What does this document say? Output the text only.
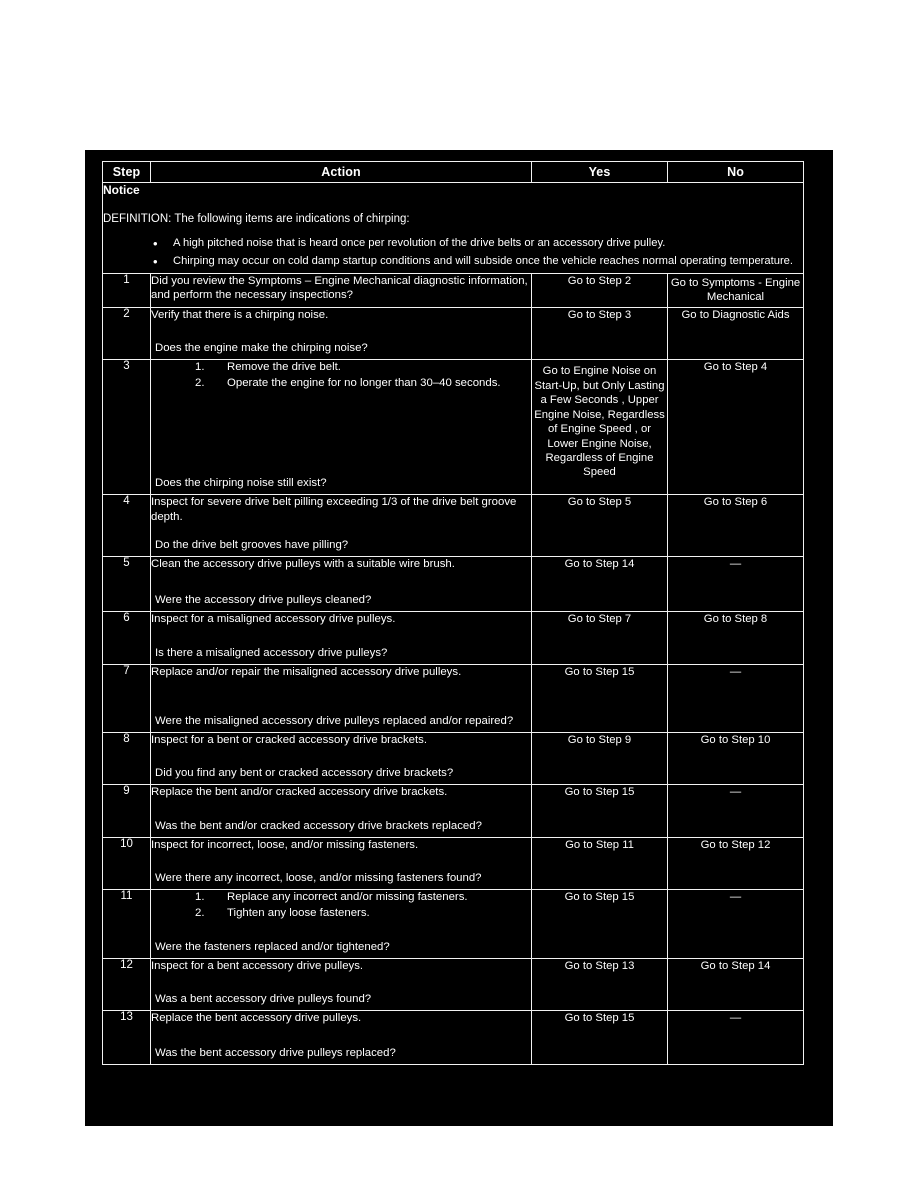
Step	Action	Yes	No

Notice
DEFINITION: The following items are indications of chirping:
• A high pitched noise that is heard once per revolution of the drive belts or an accessory drive pulley.
• Chirping may occur on cold damp startup conditions and will subside once the vehicle reaches normal operating temperature.

1	Did you review the Symptoms – Engine Mechanical diagnostic information, and perform the necessary inspections?	Go to Step 2	Go to Symptoms - Engine Mechanical
2	Verify that there is a chirping noise.

Does the engine make the chirping noise?	Go to Step 3	Go to Diagnostic Aids
3	Remove the drive belt.
Operate the engine for no longer than 30–40 seconds.

Does the chirping noise still exist?

	Go to Engine Noise on Start-Up, but Only Lasting a Few Seconds , Upper Engine Noise, Regardless of Engine Speed , or Lower Engine Noise, Regardless of Engine Speed	Go to Step 4
4	Inspect for severe drive belt pilling exceeding 1/3 of the drive belt groove depth.

Do the drive belt grooves have pilling?	Go to Step 5	Go to Step 6
5	Clean the accessory drive pulleys with a suitable wire brush.

Were the accessory drive pulleys cleaned?	Go to Step 14	—
6	Inspect for a misaligned accessory drive pulleys.

Is there a misaligned accessory drive pulleys?	Go to Step 7	Go to Step 8
7	Replace and/or repair the misaligned accessory drive pulleys.

Were the misaligned accessory drive pulleys replaced and/or repaired?	Go to Step 15	—
8	Inspect for a bent or cracked accessory drive brackets.

Did you find any bent or cracked accessory drive brackets?	Go to Step 9	Go to Step 10
9	Replace the bent and/or cracked accessory drive brackets.

Was the bent and/or cracked accessory drive brackets replaced?	Go to Step 15	—
10	Inspect for incorrect, loose, and/or missing fasteners.

Were there any incorrect, loose, and/or missing fasteners found?	Go to Step 11	Go to Step 12
11	Replace any incorrect and/or missing fasteners.
Tighten any loose fasteners.

Were the fasteners replaced and/or tightened?

	Go to Step 15	—
12	Inspect for a bent accessory drive pulleys.

Was a bent accessory drive pulleys found?	Go to Step 13	Go to Step 14
13	Replace the bent accessory drive pulleys.

Was the bent accessory drive pulleys replaced?	Go to Step 15	—
